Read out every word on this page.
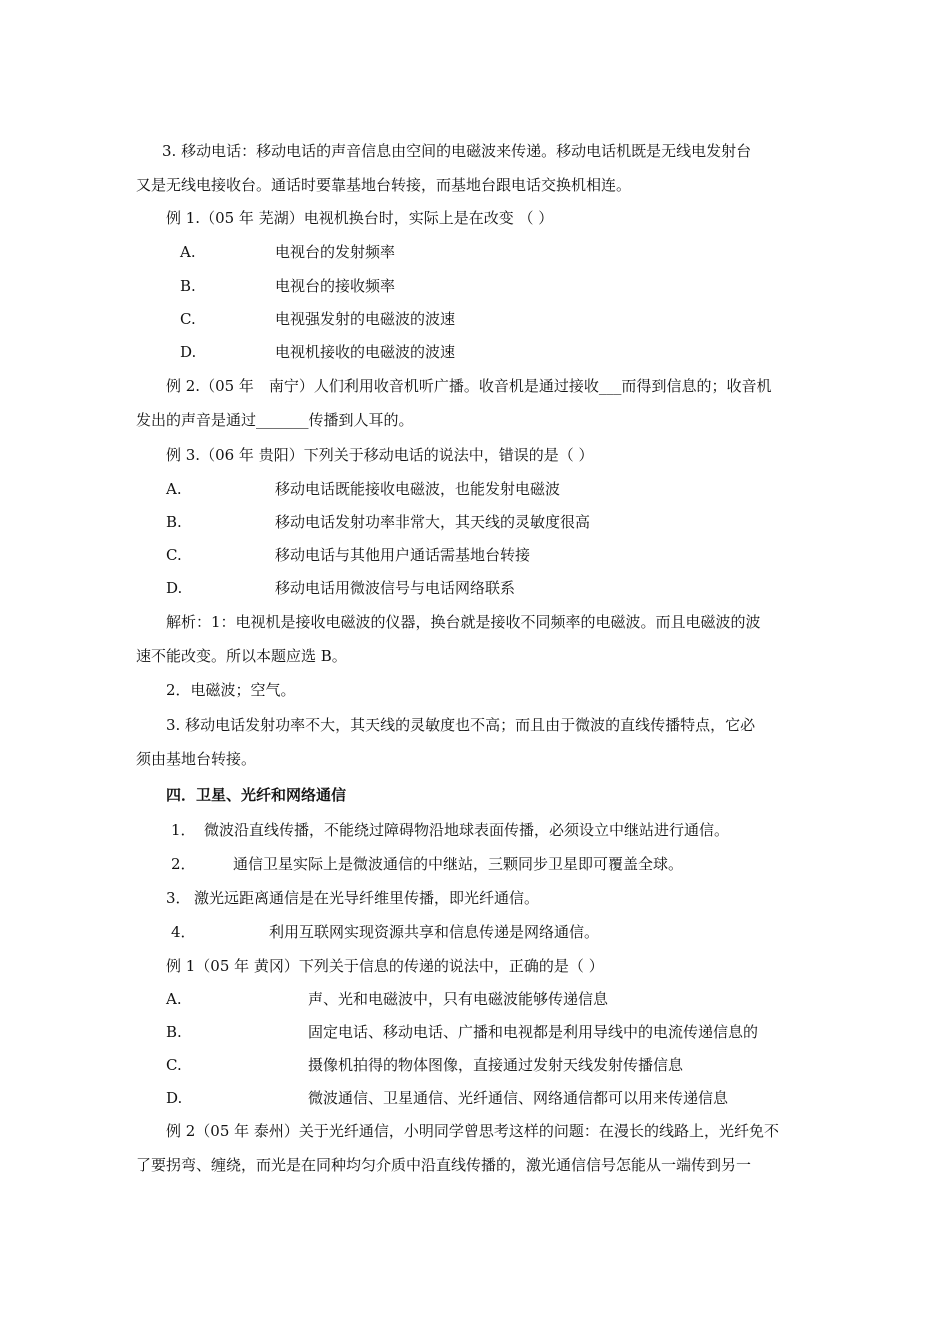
3. 移动电话：移动电话的声音信息由空间的电磁波来传递。移动电话机既是无线电发射台
又是无线电接收台。通话时要靠基地台转接，而基地台跟电话交换机相连。
例 1.（05 年 芜湖）电视机换台时，实际上是在改变 （ ）
A.	电视台的发射频率
B.	电视台的接收频率
C.	电视强发射的电磁波的波速
D.	电视机接收的电磁波的波速
例 2.（05 年　南宁）人们利用收音机听广播。收音机是通过接收___而得到信息的；收音机
发出的声音是通过_______传播到人耳的。
例 3.（06 年 贵阳）下列关于移动电话的说法中，错误的是（ ）
A.	移动电话既能接收电磁波，也能发射电磁波
B.	移动电话发射功率非常大，其天线的灵敏度很高
C.	移动电话与其他用户通话需基地台转接
D.	移动电话用微波信号与电话网络联系
解析：1：电视机是接收电磁波的仪器，换台就是接收不同频率的电磁波。而且电磁波的波
速不能改变。所以本题应选 B。
2．电磁波；空气。
3. 移动电话发射功率不大，其天线的灵敏度也不高；而且由于微波的直线传播特点，它必
须由基地台转接。
四．卫星、光纤和网络通信
1． 微波沿直线传播，不能绕过障碍物沿地球表面传播，必须设立中继站进行通信。
2． 通信卫星实际上是微波通信的中继站，三颗同步卫星即可覆盖全球。
3． 激光远距离通信是在光导纤维里传播，即光纤通信。
4．	利用互联网实现资源共享和信息传递是网络通信。
例 1（05 年 黄冈）下列关于信息的传递的说法中，正确的是（ ）
A.	声、光和电磁波中，只有电磁波能够传递信息
B.	固定电话、移动电话、广播和电视都是利用导线中的电流传递信息的
C.	摄像机拍得的物体图像，直接通过发射天线发射传播信息
D.	微波通信、卫星通信、光纤通信、网络通信都可以用来传递信息
例 2（05 年 泰州）关于光纤通信，小明同学曾思考这样的问题：在漫长的线路上，光纤免不
了要拐弯、缠绕，而光是在同种均匀介质中沿直线传播的，激光通信信号怎能从一端传到另一
